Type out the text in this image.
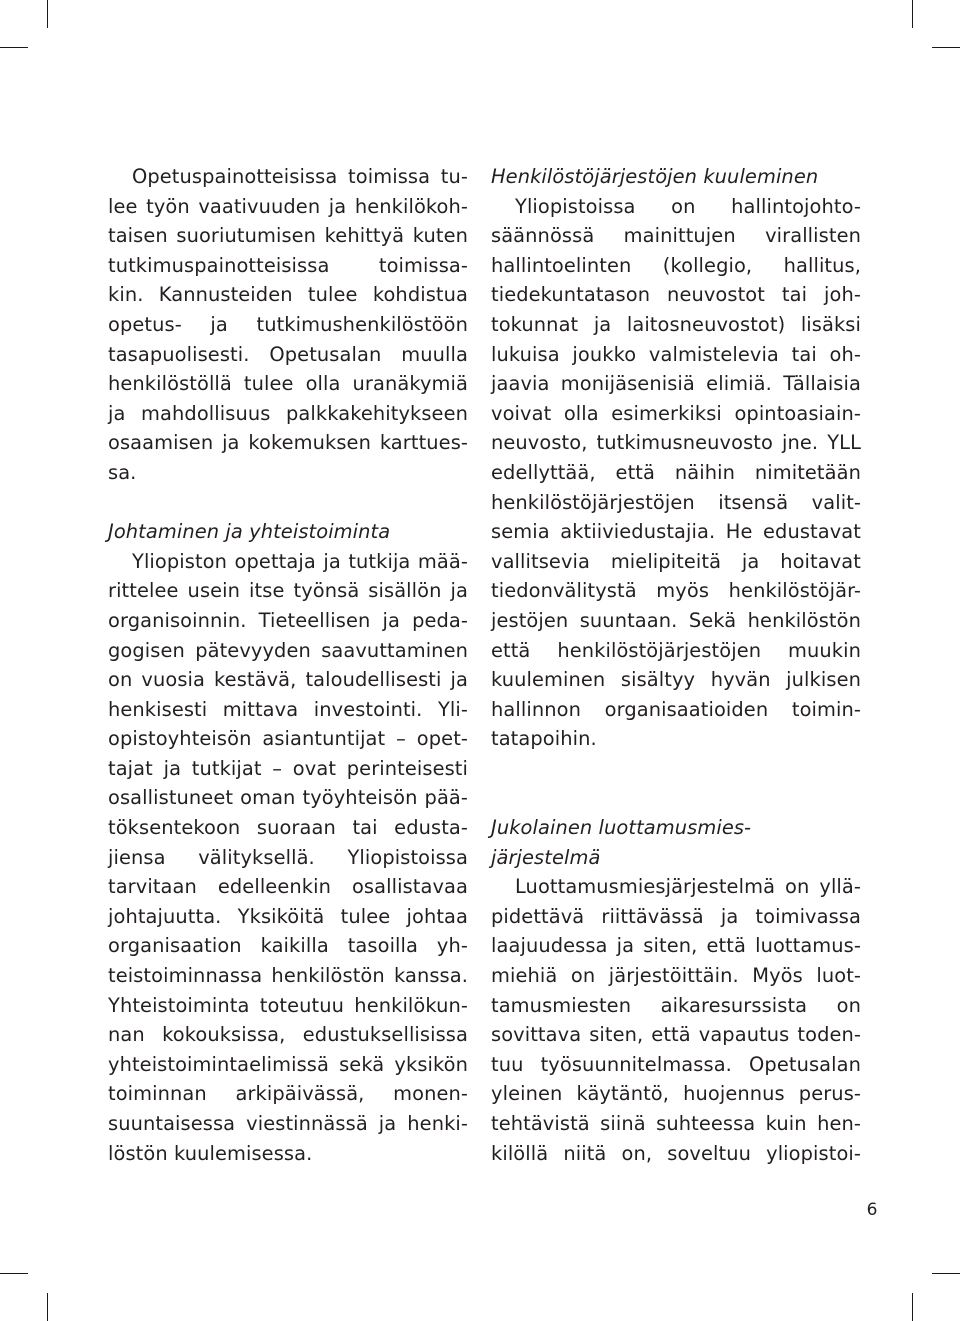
Opetuspainotteisissa toimissa tu-
lee työn vaativuuden ja henkilökoh-
taisen suoriutumisen kehittyä kuten
tutkimuspainotteisissa toimissa-
kin. Kannusteiden tulee kohdistua
opetus- ja tutkimushenkilöstöön
tasapuolisesti. Opetusalan muulla
henkilöstöllä tulee olla uranäkymiä
ja mahdollisuus palkkakehitykseen
osaamisen ja kokemuksen karttues-
sa.
Johtaminen ja yhteistoiminta
Yliopiston opettaja ja tutkija mää-
rittelee usein itse työnsä sisällön ja
organisoinnin. Tieteellisen ja peda-
gogisen pätevyyden saavuttaminen
on vuosia kestävä, taloudellisesti ja
henkisesti mittava investointi. Yli-
opistoyhteisön asiantuntijat – opet-
tajat ja tutkijat – ovat perinteisesti
osallistuneet oman työyhteisön pää-
töksentekoon suoraan tai edusta-
jiensa välityksellä. Yliopistoissa
tarvitaan edelleenkin osallistavaa
johtajuutta. Yksiköitä tulee johtaa
organisaation kaikilla tasoilla yh-
teistoiminnassa henkilöstön kanssa.
Yhteistoiminta toteutuu henkilökun-
nan kokouksissa, edustuksellisissa
yhteistoimintaelimissä sekä yksikön
toiminnan arkipäivässä, monen-
suuntaisessa viestinnässä ja henki-
löstön kuulemisessa.
Henkilöstöjärjestöjen kuuleminen
Yliopistoissa on hallintojohto-
säännössä mainittujen virallisten
hallintoelinten (kollegio, hallitus,
tiedekuntatason neuvostot tai joh-
tokunnat ja laitosneuvostot) lisäksi
lukuisa joukko valmistelevia tai oh-
jaavia monijäsenisiä elimiä. Tällaisia
voivat olla esimerkiksi opintoasiain-
neuvosto, tutkimusneuvosto jne. YLL
edellyttää, että näihin nimitetään
henkilöstöjärjestöjen itsensä valit-
semia aktiiviedustajia. He edustavat
vallitsevia mielipiteitä ja hoitavat
tiedonvälitystä myös henkilöstöjär-
jestöjen suuntaan. Sekä henkilöstön
että henkilöstöjärjestöjen muukin
kuuleminen sisältyy hyvän julkisen
hallinnon organisaatioiden toimin-
tatapoihin.
Jukolainen luottamusmies-
järjestelmä
Luottamusmiesjärjestelmä on yllä-
pidettävä riittävässä ja toimivassa
laajuudessa ja siten, että luottamus-
miehiä on järjestöittäin. Myös luot-
tamusmiesten aikaresurssista on
sovittava siten, että vapautus toden-
tuu työsuunnitelmassa. Opetusalan
yleinen käytäntö, huojennus perus-
tehtävistä siinä suhteessa kuin hen-
kilöllä niitä on, soveltuu yliopistoi-
6
